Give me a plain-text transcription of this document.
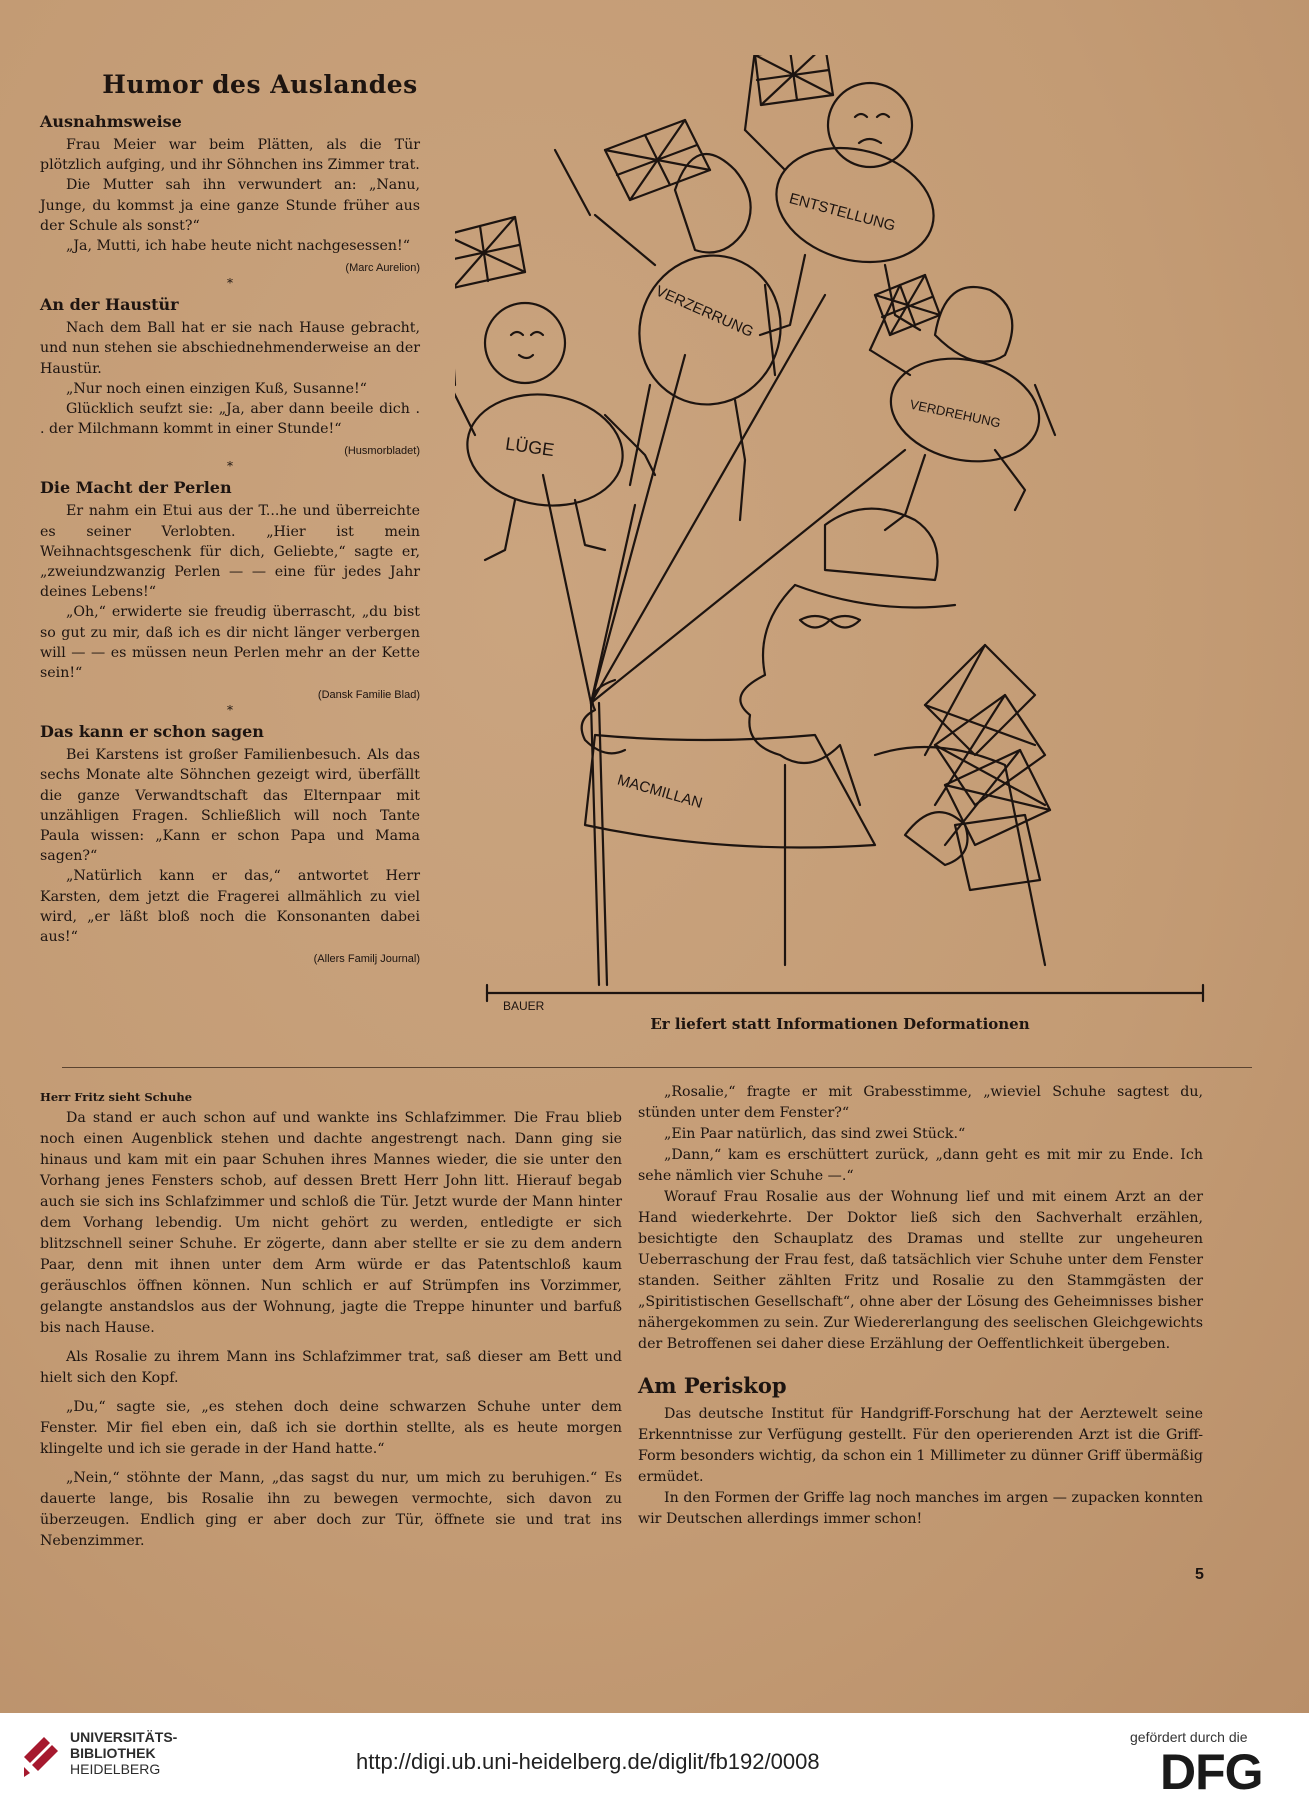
Humor des Auslandes
Ausnahmsweise

Frau Meier war beim Plätten, als die Tür plötzlich aufging, und ihr Söhnchen ins Zimmer trat.

Die Mutter sah ihn verwundert an: „Nanu, Junge, du kommst ja eine ganze Stunde früher aus der Schule als sonst?“

„Ja, Mutti, ich habe heute nicht nachgesessen!“

(Marc Aurelion)
*
An der Haustür

Nach dem Ball hat er sie nach Hause gebracht, und nun stehen sie abschiednehmenderweise an der Haustür.

„Nur noch einen einzigen Kuß, Susanne!“

Glücklich seufzt sie: „Ja, aber dann beeile dich . . der Milchmann kommt in einer Stunde!“

(Husmorbladet)
*
Die Macht der Perlen

Er nahm ein Etui aus der T...he und überreichte es seiner Verlobten. „Hier ist mein Weihnachtsgeschenk für dich, Geliebte,“ sagte er, „zweiundzwanzig Perlen — — eine für jedes Jahr deines Lebens!“

„Oh,“ erwiderte sie freudig überrascht, „du bist so gut zu mir, daß ich es dir nicht länger verbergen will — — es müssen neun Perlen mehr an der Kette sein!“

(Dansk Familie Blad)
*
Das kann er schon sagen

Bei Karstens ist großer Familienbesuch. Als das sechs Monate alte Söhnchen gezeigt wird, überfällt die ganze Verwandtschaft das Elternpaar mit unzähligen Fragen. Schließlich will noch Tante Paula wissen: „Kann er schon Papa und Mama sagen?“

„Natürlich kann er das,“ antwortet Herr Karsten, dem jetzt die Fragerei allmählich zu viel wird, „er läßt bloß noch die Konsonanten dabei aus!“

(Allers Familj Journal)
LÜGE
VERZERRUNG
ENTSTELLUNG
VERDREHUNG
MACMILLAN
BAUER
Er liefert statt Informationen Deformationen
Herr Fritz sieht Schuhe

Da stand er auch schon auf und wankte ins Schlafzimmer. Die Frau blieb noch einen Augenblick stehen und dachte angestrengt nach. Dann ging sie hinaus und kam mit ein paar Schuhen ihres Mannes wieder, die sie unter den Vorhang jenes Fensters schob, auf dessen Brett Herr John litt. Hierauf begab auch sie sich ins Schlafzimmer und schloß die Tür. Jetzt wurde der Mann hinter dem Vorhang lebendig. Um nicht gehört zu werden, entledigte er sich blitzschnell seiner Schuhe. Er zögerte, dann aber stellte er sie zu dem andern Paar, denn mit ihnen unter dem Arm würde er das Patentschloß kaum geräuschlos öffnen können. Nun schlich er auf Strümpfen ins Vorzimmer, gelangte anstandslos aus der Wohnung, jagte die Treppe hinunter und barfuß bis nach Hause.

Als Rosalie zu ihrem Mann ins Schlafzimmer trat, saß dieser am Bett und hielt sich den Kopf.

„Du,“ sagte sie, „es stehen doch deine schwarzen Schuhe unter dem Fenster. Mir fiel eben ein, daß ich sie dorthin stellte, als es heute morgen klingelte und ich sie gerade in der Hand hatte.“

„Nein,“ stöhnte der Mann, „das sagst du nur, um mich zu beruhigen.“ Es dauerte lange, bis Rosalie ihn zu bewegen vermochte, sich davon zu überzeugen. Endlich ging er aber doch zur Tür, öffnete sie und trat ins Nebenzimmer.

„Rosalie,“ fragte er mit Grabesstimme, „wieviel Schuhe sagtest du, stünden unter dem Fenster?“

„Ein Paar natürlich, das sind zwei Stück.“

„Dann,“ kam es erschüttert zurück, „dann geht es mit mir zu Ende. Ich sehe nämlich vier Schuhe —.“

Worauf Frau Rosalie aus der Wohnung lief und mit einem Arzt an der Hand wiederkehrte. Der Doktor ließ sich den Sachverhalt erzählen, besichtigte den Schauplatz des Dramas und stellte zur ungeheuren Ueberraschung der Frau fest, daß tatsächlich vier Schuhe unter dem Fenster standen. Seither zählten Fritz und Rosalie zu den Stammgästen der „Spiritistischen Gesellschaft“, ohne aber der Lösung des Geheimnisses bisher nähergekommen zu sein. Zur Wiedererlangung des seelischen Gleichgewichts der Betroffenen sei daher diese Erzählung der Oeffentlichkeit übergeben.

Am Periskop

Das deutsche Institut für Handgriff-Forschung hat der Aerztewelt seine Erkenntnisse zur Verfügung gestellt. Für den operierenden Arzt ist die Griff-Form besonders wichtig, da schon ein 1 Millimeter zu dünner Griff übermäßig ermüdet.

In den Formen der Griffe lag noch manches im argen — zupacken konnten wir Deutschen allerdings immer schon!

5
UNIVERSITÄTS-
BIBLIOTHEK
HEIDELBERG	http://digi.ub.uni-heidelberg.de/diglit/fb192/0008
gefördert durch die
DFG
